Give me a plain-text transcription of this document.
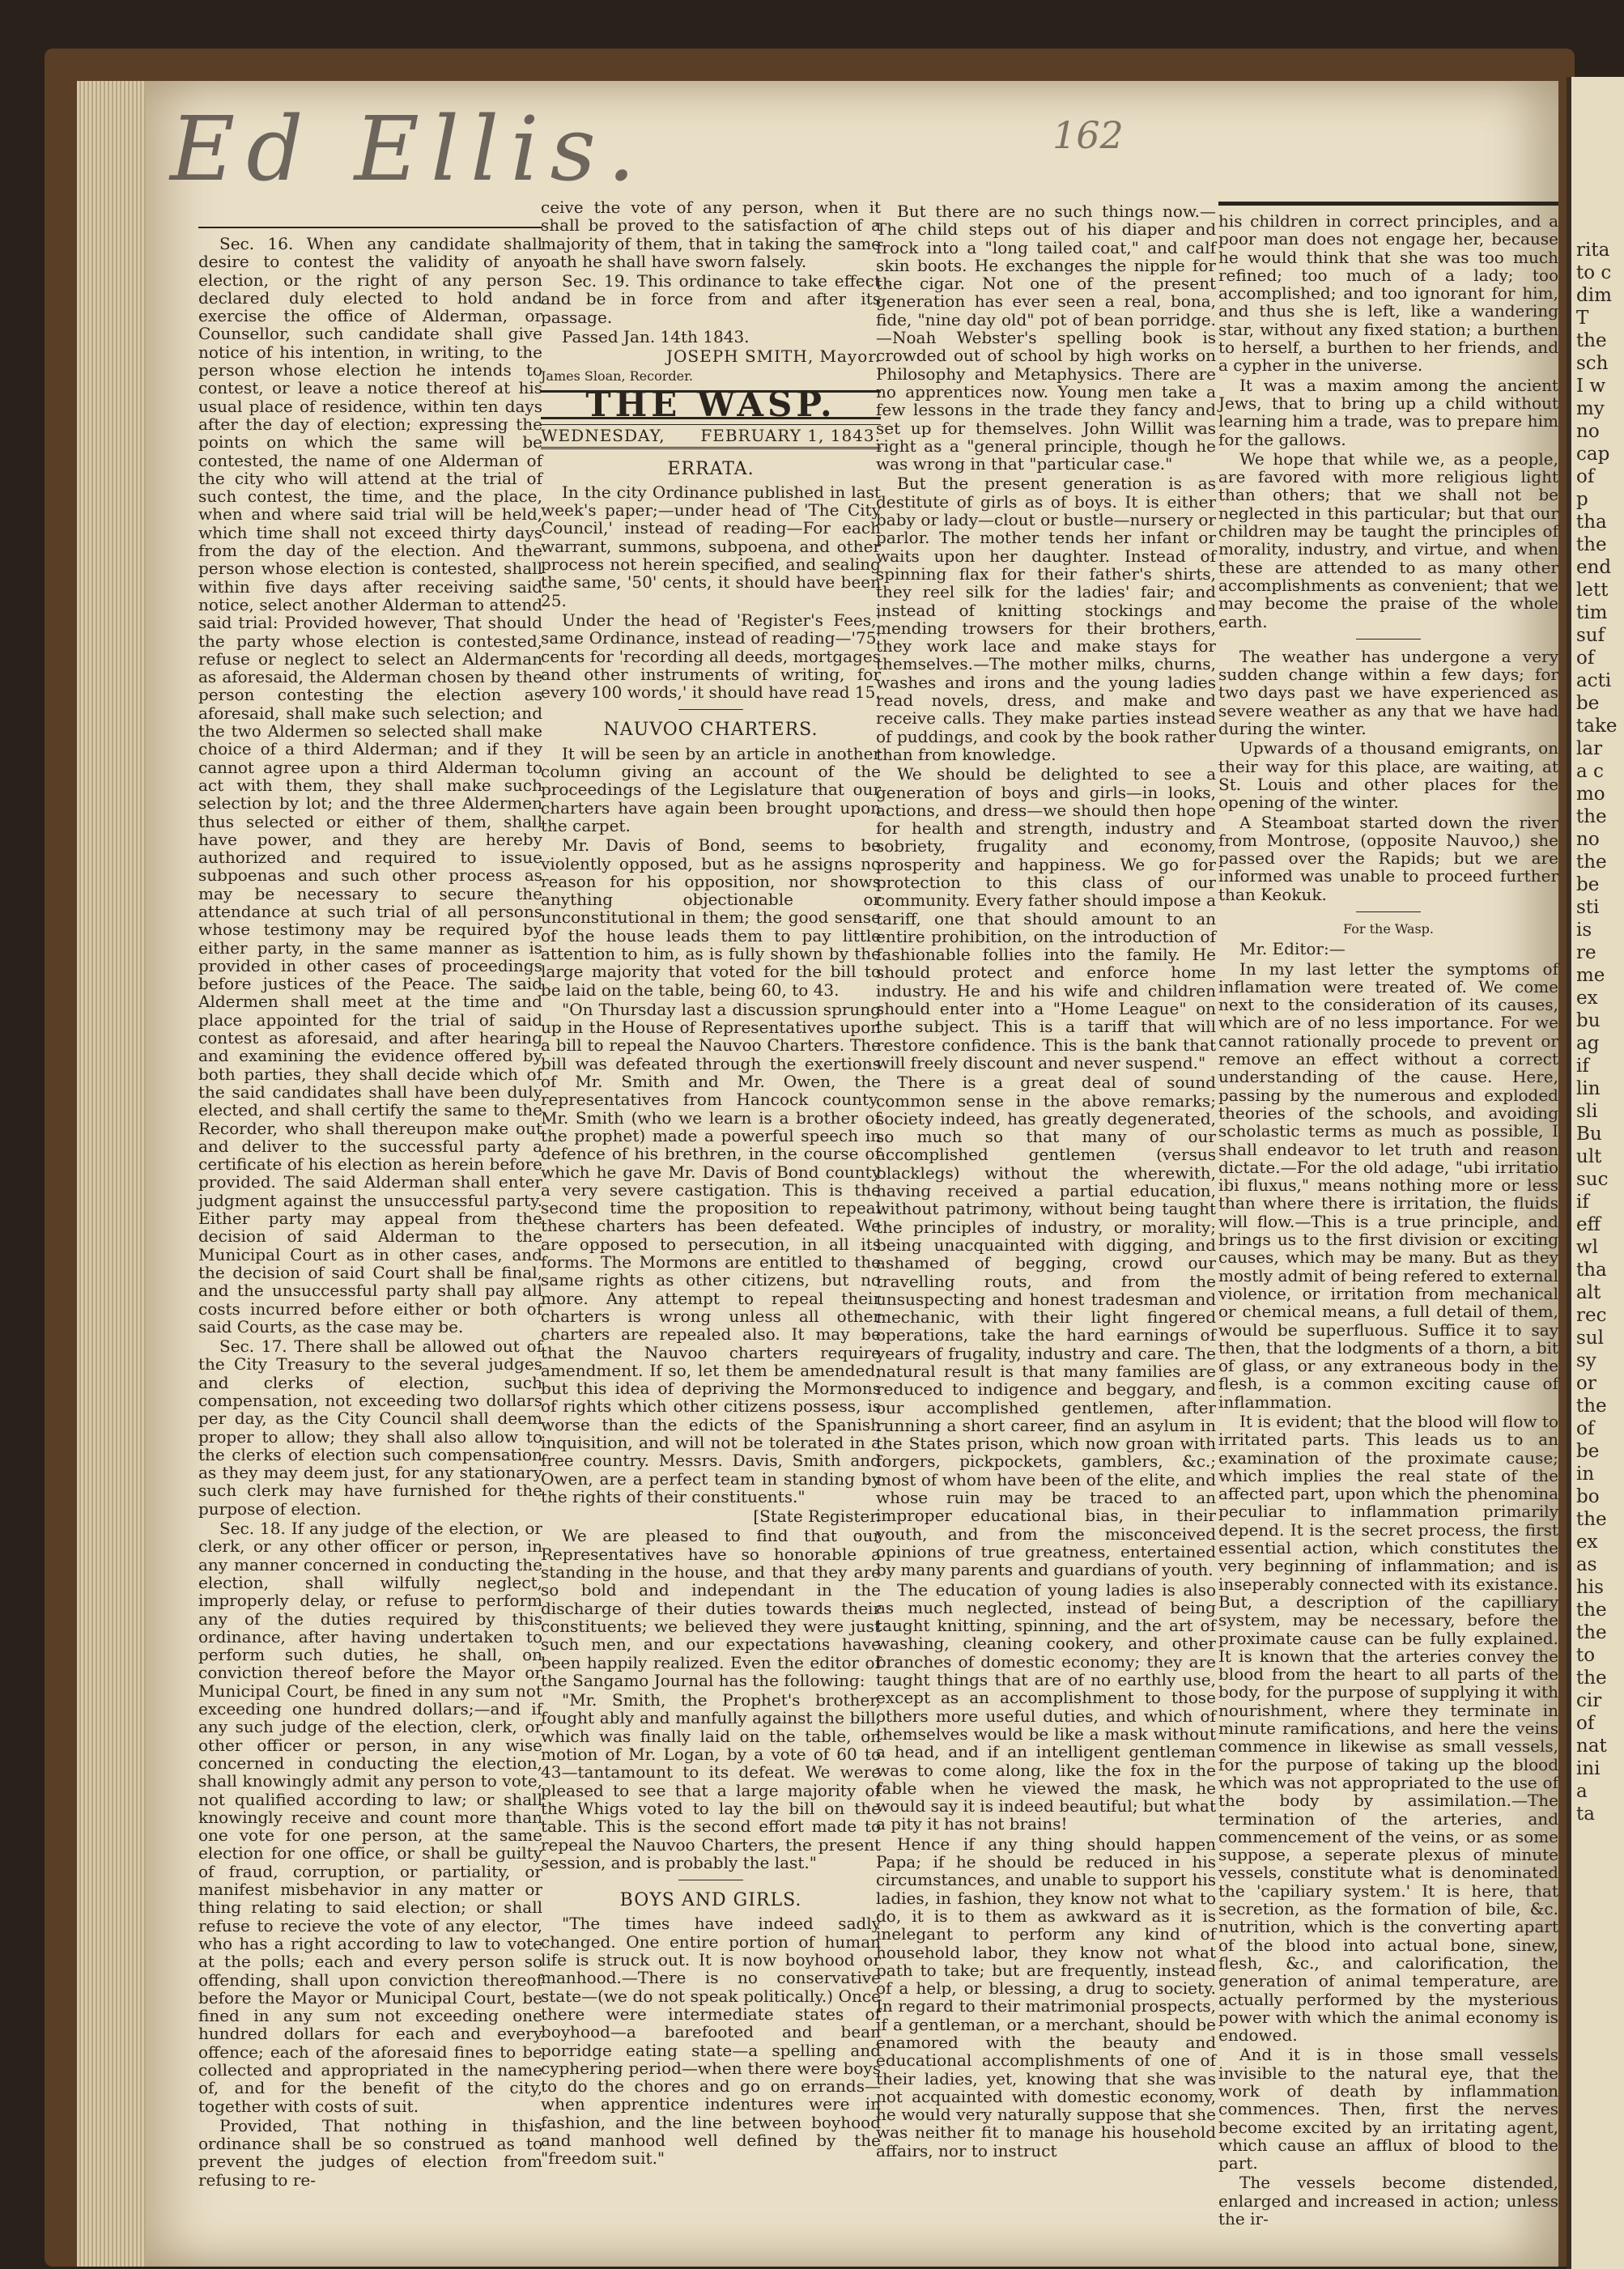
rita
to c
dim
T
the
sch
I w
my
no
cap
of
p
tha
the
end
lett
tim
suf
of
acti
be
take
lar
a c
mo
the
no
the
be
sti
is
re
me
ex
bu
ag
if
lin
sli
Bu
ult
suc
if
eff
wl
tha
alt
rec
sul
sy
or
the
of
be
in
bo
the
ex
as
his
the
the
to
the
cir
of
nat
ini
a
ta
Ed Ellis.	162

Sec. 16. When any candidate shall desire to contest the validity of any election, or the right of any person declared duly elected to hold and exercise the office of Alderman, or Counsellor, such candidate shall give notice of his intention, in writing, to the person whose election he intends to contest, or leave a notice thereof at his usual place of residence, within ten days after the day of election; expressing the points on which the same will be contested, the name of one Alderman of the city who will attend at the trial of such contest, the time, and the place, when and where said trial will be held, which time shall not exceed thirty days from the day of the election. And the person whose election is contested, shall within five days after receiving said notice, select another Alderman to attend said trial: Provided however, That should the party whose election is contested, refuse or neglect to select an Alderman as aforesaid, the Alderman chosen by the person contesting the election as aforesaid, shall make such selection; and the two Aldermen so selected shall make choice of a third Alderman; and if they cannot agree upon a third Alderman to act with them, they shall make such selection by lot; and the three Aldermen thus selected or either of them, shall have power, and they are hereby authorized and required to issue subpoenas and such other process as may be necessary to secure the attendance at such trial of all persons whose testimony may be required by either party, in the same manner as is provided in other cases of proceedings before justices of the Peace. The said Aldermen shall meet at the time and place appointed for the trial of said contest as aforesaid, and after hearing and examining the evidence offered by both parties, they shall decide which of the said candidates shall have been duly elected, and shall certify the same to the Recorder, who shall thereupon make out and deliver to the successful party a certificate of his election as herein before provided. The said Alderman shall enter judgment against the unsuccessful party. Either party may appeal from the decision of said Alderman to the Municipal Court as in other cases, and the decision of said Court shall be final, and the unsuccessful party shall pay all costs incurred before either or both of said Courts, as the case may be.

Sec. 17. There shall be allowed out of the City Treasury to the several judges and clerks of election, such compensation, not exceeding two dollars per day, as the City Council shall deem proper to allow; they shall also allow to the clerks of election such compensation as they may deem just, for any stationary such clerk may have furnished for the purpose of election.

Sec. 18. If any judge of the election, or clerk, or any other officer or person, in any manner concerned in conducting the election, shall wilfully neglect, improperly delay, or refuse to perform any of the duties required by this ordinance, after having undertaken to perform such duties, he shall, on conviction thereof before the Mayor or Municipal Court, be fined in any sum not exceeding one hundred dollars;—and if any such judge of the election, clerk, or other officer or person, in any wise concerned in conducting the election, shall knowingly admit any person to vote, not qualified according to law; or shall knowingly receive and count more than one vote for one person, at the same election for one office, or shall be guilty of fraud, corruption, or partiality, or manifest misbehavior in any matter or thing relating to said election; or shall refuse to recieve the vote of any elector, who has a right according to law to vote at the polls; each and every person so offending, shall upon conviction thereof before the Mayor or Municipal Court, be fined in any sum not exceeding one hundred dollars for each and every offence; each of the aforesaid fines to be collected and appropriated in the name of, and for the benefit of the city, together with costs of suit.

Provided, That nothing in this ordinance shall be so construed as to prevent the judges of election from refusing to re-

ceive the vote of any person, when it shall be proved to the satisfaction of a majority of them, that in taking the same oath he shall have sworn falsely.

Sec. 19. This ordinance to take effect and be in force from and after its passage.

Passed Jan. 14th 1843.

JOSEPH SMITH, Mayor.

James Sloan, Recorder.

THE WASP.
WEDNESDAY, FEBRUARY 1, 1843.

ERRATA.

In the city Ordinance published in last week's paper;—under head of 'The City Council,' instead of reading—For each warrant, summons, subpoena, and other process not herein specified, and sealing the same, '50' cents, it should have been 25.

Under the head of 'Register's Fees,' same Ordinance, instead of reading—'75' cents for 'recording all deeds, mortgages and other instruments of writing, for every 100 words,' it should have read 15.

NAUVOO CHARTERS.

It will be seen by an article in another column giving an account of the proceedings of the Legislature that our charters have again been brought upon the carpet.

Mr. Davis of Bond, seems to be violently opposed, but as he assigns no reason for his opposition, nor shows anything objectionable or unconstitutional in them; the good sense of the house leads them to pay little attention to him, as is fully shown by the large majority that voted for the bill to be laid on the table, being 60, to 43.

"On Thursday last a discussion sprung up in the House of Representatives upon a bill to repeal the Nauvoo Charters. The bill was defeated through the exertions of Mr. Smith and Mr. Owen, the representatives from Hancock county. Mr. Smith (who we learn is a brother of the prophet) made a powerful speech in defence of his brethren, in the course of which he gave Mr. Davis of Bond county a very severe castigation. This is the second time the proposition to repeal these charters has been defeated. We are opposed to persecution, in all its forms. The Mormons are entitled to the same rights as other citizens, but no more. Any attempt to repeal their charters is wrong unless all other charters are repealed also. It may be that the Nauvoo charters require amendment. If so, let them be amended; but this idea of depriving the Mormons of rights which other citizens possess, is worse than the edicts of the Spanish inquisition, and will not be tolerated in a free country. Messrs. Davis, Smith and Owen, are a perfect team in standing by the rights of their constituents."

[State Register.

We are pleased to find that our Representatives have so honorable a standing in the house, and that they are so bold and independant in the discharge of their duties towards their constituents; we believed they were just such men, and our expectations have been happily realized. Even the editor of the Sangamo Journal has the following:

"Mr. Smith, the Prophet's brother, fought ably and manfully against the bill, which was finally laid on the table, on motion of Mr. Logan, by a vote of 60 to 43—tantamount to its defeat. We were pleased to see that a large majority of the Whigs voted to lay the bill on the table. This is the second effort made to repeal the Nauvoo Charters, the present session, and is probably the last."

BOYS AND GIRLS.

"The times have indeed sadly changed. One entire portion of human life is struck out. It is now boyhood or manhood.—There is no conservative state—(we do not speak politically.) Once there were intermediate states of boyhood—a barefooted and bean porridge eating state—a spelling and cyphering period—when there were boys to do the chores and go on errands—when apprentice indentures were in fashion, and the line between boyhood and manhood well defined by the "freedom suit."

But there are no such things now.—The child steps out of his diaper and frock into a "long tailed coat," and calf skin boots. He exchanges the nipple for the cigar. Not one of the present generation has ever seen a real, bona, fide, "nine day old" pot of bean porridge.—Noah Webster's spelling book is crowded out of school by high works on Philosophy and Metaphysics. There are no apprentices now. Young men take a few lessons in the trade they fancy and set up for themselves. John Willit was right as a "general principle, though he was wrong in that "particular case."

But the present generation is as destitute of girls as of boys. It is either baby or lady—clout or bustle—nursery or parlor. The mother tends her infant or waits upon her daughter. Instead of spinning flax for their father's shirts, they reel silk for the ladies' fair; and instead of knitting stockings and mending trowsers for their brothers, they work lace and make stays for themselves.—The mother milks, churns, washes and irons and the young ladies read novels, dress, and make and receive calls. They make parties instead of puddings, and cook by the book rather than from knowledge.

We should be delighted to see a generation of boys and girls—in looks, actions, and dress—we should then hope for health and strength, industry and sobriety, frugality and economy, prosperity and happiness. We go for protection to this class of our community. Every father should impose a tariff, one that should amount to an entire prohibition, on the introduction of fashionable follies into the family. He should protect and enforce home industry. He and his wife and children should enter into a "Home League" on the subject. This is a tariff that will restore confidence. This is the bank that will freely discount and never suspend."

There is a great deal of sound common sense in the above remarks; society indeed, has greatly degenerated, so much so that many of our accomplished gentlemen (versus blacklegs) without the wherewith, having received a partial education, without patrimony, without being taught the principles of industry, or morality; being unacquainted with digging, and ashamed of begging, crowd our travelling routs, and from the unsuspecting and honest tradesman and mechanic, with their light fingered operations, take the hard earnings of years of frugality, industry and care. The natural result is that many families are reduced to indigence and beggary, and our accomplished gentlemen, after running a short career, find an asylum in the States prison, which now groan with forgers, pickpockets, gamblers, &c.; most of whom have been of the elite, and whose ruin may be traced to an improper educational bias, in their youth, and from the misconceived opinions of true greatness, entertained by many parents and guardians of youth.

The education of young ladies is also as much neglected, instead of being taught knitting, spinning, and the art of washing, cleaning cookery, and other branches of domestic economy; they are taught things that are of no earthly use, except as an accomplishment to those others more useful duties, and which of themselves would be like a mask without a head, and if an intelligent gentleman was to come along, like the fox in the fable when he viewed the mask, he would say it is indeed beautiful; but what a pity it has not brains!

Hence if any thing should happen Papa; if he should be reduced in his circumstances, and unable to support his ladies, in fashion, they know not what to do, it is to them as awkward as it is inelegant to perform any kind of household labor, they know not what path to take; but are frequently, instead of a help, or blessing, a drug to society. In regard to their matrimonial prospects, if a gentleman, or a merchant, should be enamored with the beauty and educational accomplishments of one of their ladies, yet, knowing that she was not acquainted with domestic economy, he would very naturally suppose that she was neither fit to manage his household affairs, nor to instruct

his children in correct principles, and a poor man does not engage her, because he would think that she was too much refined; too much of a lady; too accomplished; and too ignorant for him, and thus she is left, like a wandering star, without any fixed station; a burthen to herself, a burthen to her friends, and a cypher in the universe.

It was a maxim among the ancient Jews, that to bring up a child without learning him a trade, was to prepare him for the gallows.

We hope that while we, as a people, are favored with more religious light than others; that we shall not be neglected in this particular; but that our children may be taught the principles of morality, industry, and virtue, and when these are attended to as many other accomplishments as convenient; that we may become the praise of the whole earth.

The weather has undergone a very sudden change within a few days; for two days past we have experienced as severe weather as any that we have had during the winter.

Upwards of a thousand emigrants, on their way for this place, are waiting, at St. Louis and other places for the opening of the winter.

A Steamboat started down the river from Montrose, (opposite Nauvoo,) she passed over the Rapids; but we are informed was unable to proceed further than Keokuk.

For the Wasp.

Mr. Editor:—

In my last letter the symptoms of inflamation were treated of. We come next to the consideration of its causes, which are of no less importance. For we cannot rationally procede to prevent or remove an effect without a correct understanding of the cause. Here, passing by the numerous and exploded theories of the schools, and avoiding scholastic terms as much as possible, I shall endeavor to let truth and reason dictate.—For the old adage, "ubi irritatio ibi fluxus," means nothing more or less than where there is irritation, the fluids will flow.—This is a true principle, and brings us to the first division or exciting causes, which may be many. But as they mostly admit of being refered to external violence, or irritation from mechanical or chemical means, a full detail of them, would be superfluous. Suffice it to say then, that the lodgments of a thorn, a bit of glass, or any extraneous body in the flesh, is a common exciting cause of inflammation.

It is evident; that the blood will flow to irritated parts. This leads us to an examination of the proximate cause; which implies the real state of the affected part, upon which the phenomina peculiar to inflammation primarily depend. It is the secret process, the first essential action, which constitutes the very beginning of inflammation; and is inseperably connected with its existance. But, a description of the capilliary system, may be necessary, before the proximate cause can be fully explained. It is known that the arteries convey the blood from the heart to all parts of the body, for the purpose of supplying it with nourishment, where they terminate in minute ramifications, and here the veins commence in likewise as small vessels, for the purpose of taking up the blood which was not appropriated to the use of the body by assimilation.—The termination of the arteries, and commencement of the veins, or as some suppose, a seperate plexus of minute vessels, constitute what is denominated the 'capiliary system.' It is here, that secretion, as the formation of bile, &c. nutrition, which is the converting apart of the blood into actual bone, sinew, flesh, &c., and calorification, the generation of animal temperature, are actually performed by the mysterious power with which the animal economy is endowed.

And it is in those small vessels invisible to the natural eye, that the work of death by inflammation commences. Then, first the nerves become excited by an irritating agent, which cause an afflux of blood to the part.

The vessels become distended, enlarged and increased in action; unless the ir-
